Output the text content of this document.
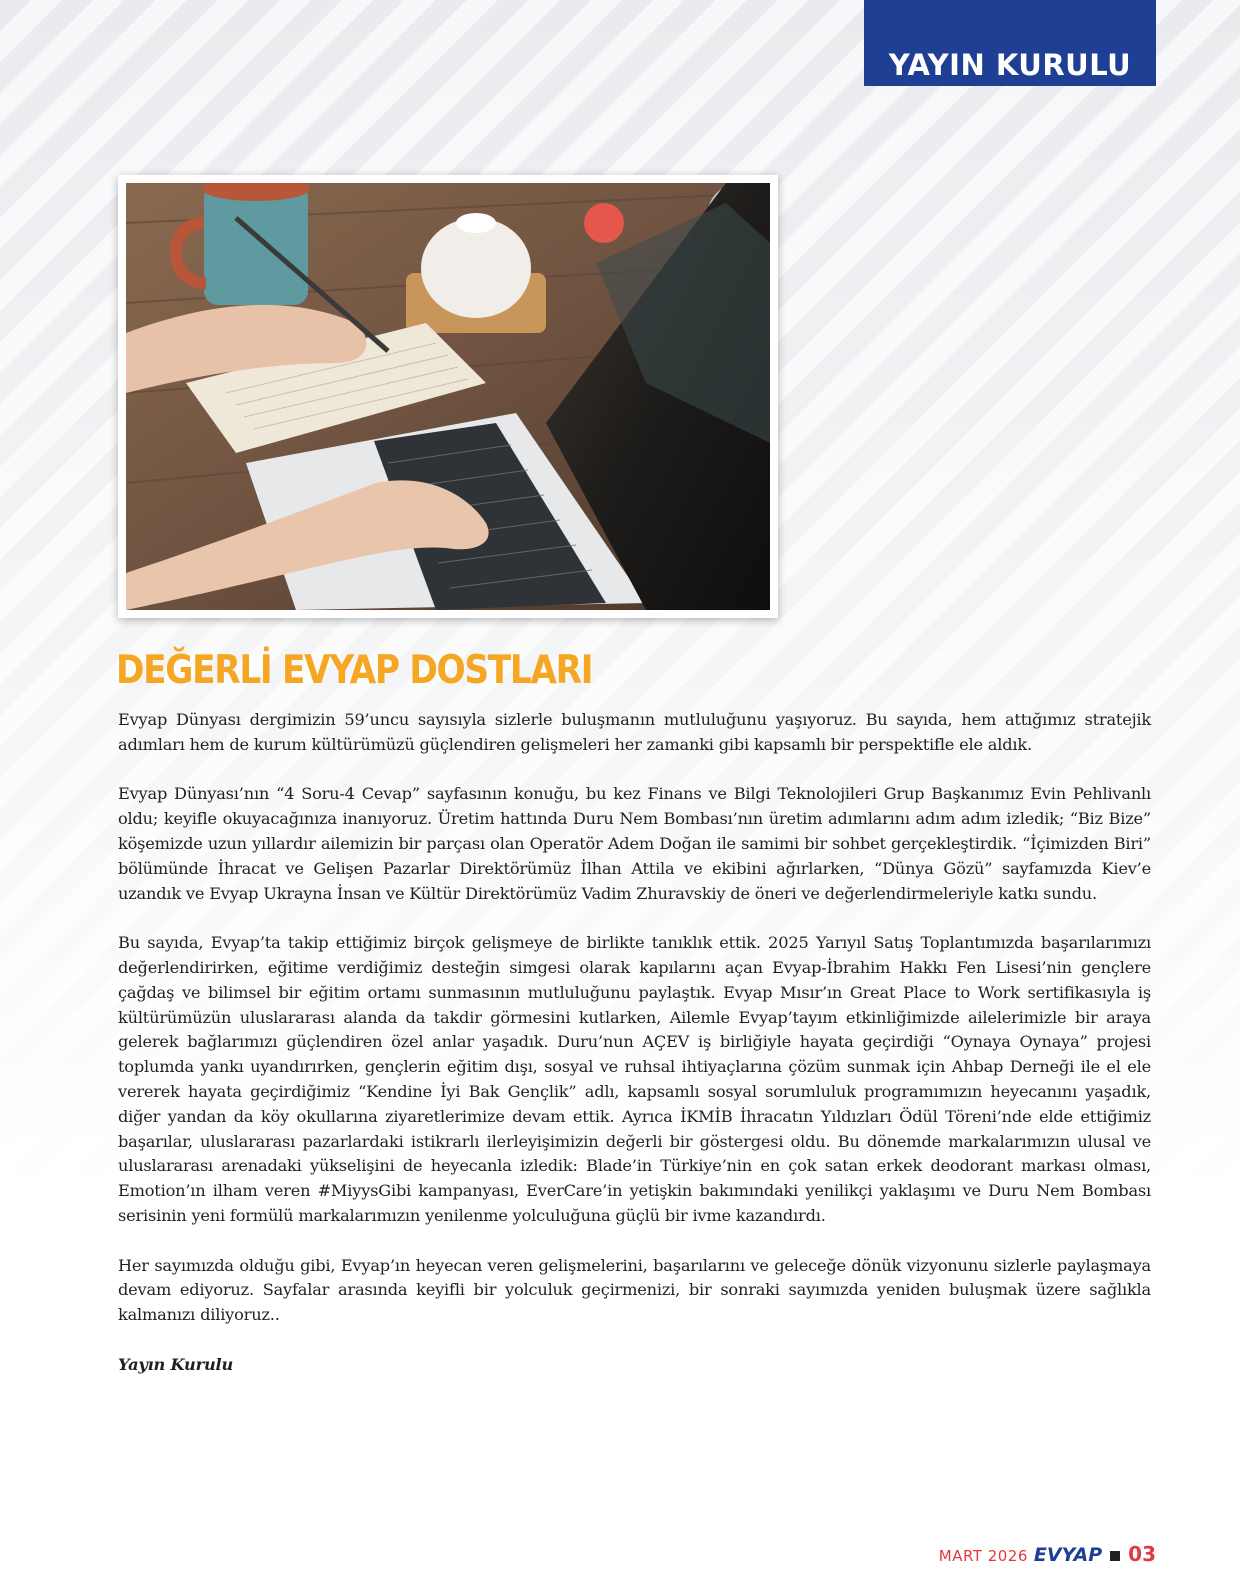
YAYIN KURULU
DEĞERLİ EVYAP DOSTLARI

Evyap Dünyası dergimizin 59’uncu sayısıyla sizlerle buluşmanın mutluluğunu yaşıyoruz. Bu sayıda, hem attığımız stratejik adımları hem de kurum kültürümüzü güçlendiren gelişmeleri her zamanki gibi kapsamlı bir perspektifle ele aldık.

Evyap Dünyası’nın “4 Soru-4 Cevap” sayfasının konuğu, bu kez Finans ve Bilgi Teknolojileri Grup Başkanımız Evin Pehlivanlı oldu; keyifle okuyacağınıza inanıyoruz. Üretim hattında Duru Nem Bombası’nın üretim adımlarını adım adım izledik; “Biz Bize” köşemizde uzun yıllardır ailemizin bir parçası olan Operatör Adem Doğan ile samimi bir sohbet gerçekleştirdik. “İçimizden Biri” bölümünde İhracat ve Gelişen Pazarlar Direktörümüz İlhan Attila ve ekibini ağırlarken, “Dünya Gözü” sayfamızda Kiev’e uzandık ve Evyap Ukrayna İnsan ve Kültür Direktörümüz Vadim Zhuravskiy de öneri ve değerlendirmeleriyle katkı sundu.

Bu sayıda, Evyap’ta takip ettiğimiz birçok gelişmeye de birlikte tanıklık ettik. 2025 Yarıyıl Satış Toplantımızda başarılarımızı değerlendirirken, eğitime verdiğimiz desteğin simgesi olarak kapılarını açan Evyap-İbrahim Hakkı Fen Lisesi’nin gençlere çağdaş ve bilimsel bir eğitim ortamı sunmasının mutluluğunu paylaştık. Evyap Mısır’ın Great Place to Work sertifikasıyla iş kültürümüzün uluslararası alanda da takdir görmesini kutlarken, Ailemle Evyap’tayım etkinliğimizde ailelerimizle bir araya gelerek bağlarımızı güçlendiren özel anlar yaşadık. Duru’nun AÇEV iş birliğiyle hayata geçirdiği “Oynaya Oynaya” projesi toplumda yankı uyandırırken, gençlerin eğitim dışı, sosyal ve ruhsal ihtiyaçlarına çözüm sunmak için Ahbap Derneği ile el ele vererek hayata geçirdiğimiz “Kendine İyi Bak Gençlik” adlı, kapsamlı sosyal sorumluluk programımızın heyecanını yaşadık, diğer yandan da köy okullarına ziyaretlerimize devam ettik. Ayrıca İKMİB İhracatın Yıldızları Ödül Töreni’nde elde ettiğimiz başarılar, uluslararası pazarlardaki istikrarlı ilerleyişimizin değerli bir göstergesi oldu. Bu dönemde markalarımızın ulusal ve uluslararası arenadaki yükselişini de heyecanla izledik: Blade’in Türkiye’nin en çok satan erkek deodorant markası olması, Emotion’ın ilham veren #MiyysGibi kampanyası, EverCare’in yetişkin bakımındaki yenilikçi yaklaşımı ve Duru Nem Bombası serisinin yeni formülü markalarımızın yenilenme yolculuğuna güçlü bir ivme kazandırdı.

Her sayımızda olduğu gibi, Evyap’ın heyecan veren gelişmelerini, başarılarını ve geleceğe dönük vizyonunu sizlerle paylaşmaya devam ediyoruz. Sayfalar arasında keyifli bir yolculuk geçirmenizi, bir sonraki sayımızda yeniden buluşmak üzere sağlıkla kalmanızı diliyoruz..

Yayın Kurulu

MART 2026 EVYAP 03
